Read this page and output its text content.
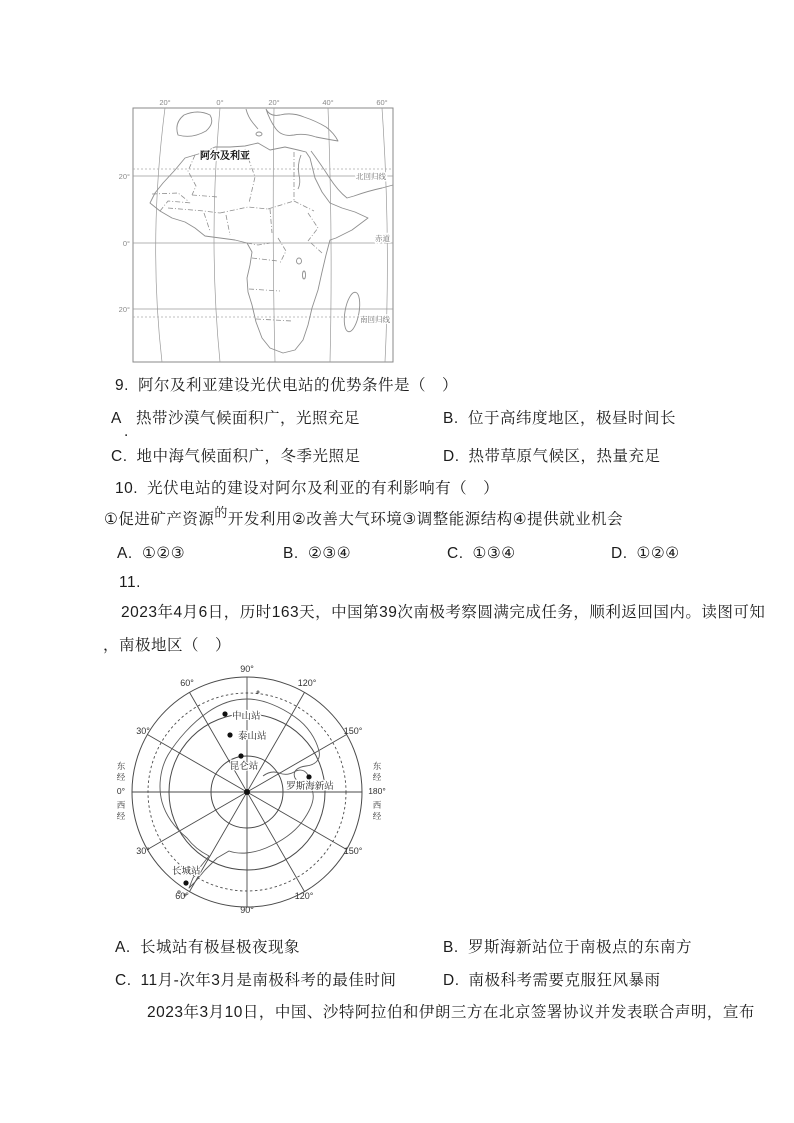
20°	0°	20°	40°	60°
20°
0°
20°
阿尔及利亚
北回归线
赤道
南回归线
9. 阿尔及利亚建设光伏电站的优势条件是（　）
A
.
热带沙漠气候面积广，光照充足	B. 位于高纬度地区，极昼时间长
C. 地中海气候面积广，冬季光照足	D. 热带草原气候区，热量充足
10. 光伏电站的建设对阿尔及利亚的有利影响有（　）
①促进矿产资源$^的$开发利用②改善大气环境③调整能源结构④提供就业机会
A. ①②③	B. ②③④	C. ①③④	D. ①②④
11.
2023年4月6日，历时163天，中国第39次南极考察圆满完成任务，顺利返回国内。读图可知
，南极地区（　）
中山站
泰山站
昆仑站
罗斯海新站
长城站
90°
60°	120°
30°	150°
30°	150°
60°	120°
90°
东
经
0°
西
经
东
经
180°
西
经
A. 长城站有极昼极夜现象	B. 罗斯海新站位于南极点的东南方
C. 11月-次年3月是南极科考的最佳时间	D. 南极科考需要克服狂风暴雨
2023年3月10日，中国、沙特阿拉伯和伊朗三方在北京签署协议并发表联合声明，宣布
